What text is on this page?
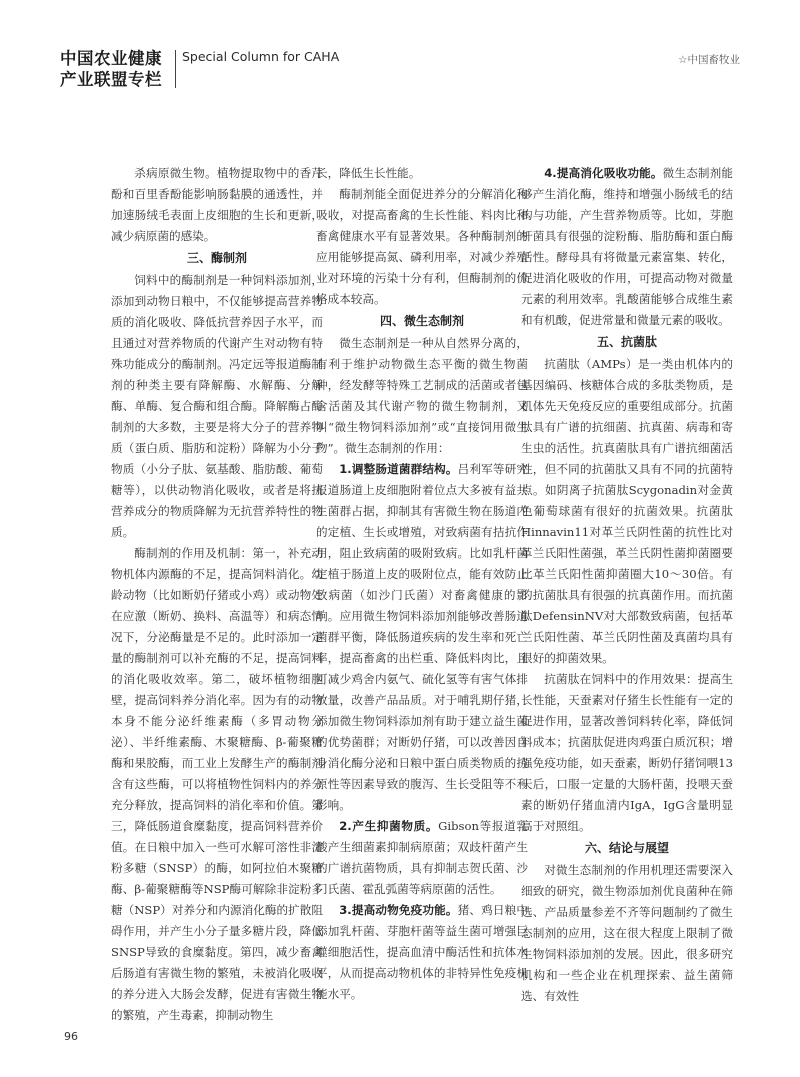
中国农业健康
产业联盟专栏
Special Column for CAHA	☆中国畜牧业

杀病原微生物。植物提取物中的香芹酚和百里香酚能影响肠黏膜的通透性，并加速肠绒毛表面上皮细胞的生长和更新，减少病原菌的感染。

三、酶制剂

饲料中的酶制剂是一种饲料添加剂，添加到动物日粮中，不仅能够提高营养物质的消化吸收、降低抗营养因子水平，而且通过对营养物质的代谢产生对动物有特殊功能成分的酶制剂。冯定远等报道酶制剂的种类主要有降解酶、水解酶、分解酶、单酶、复合酶和组合酶。降解酶占酶制剂的大多数，主要是将大分子的营养物质（蛋白质、脂肪和淀粉）降解为小分子物质（小分子肽、氨基酸、脂肪酸、葡萄糖等），以供动物消化吸收，或者是将抗营养成分的物质降解为无抗营养特性的物质。

酶制剂的作用及机制：第一，补充动物机体内源酶的不足，提高饲料消化。幼龄动物（比如断奶仔猪或小鸡）或动物处在应激（断奶、换料、高温等）和病态情况下，分泌酶量是不足的。此时添加一定量的酶制剂可以补充酶的不足，提高饲料的消化吸收效率。第二，破坏植物细胞壁，提高饲料养分消化率。因为有的动物本身不能分泌纤维素酶（多胃动物分泌）、半纤维素酶、木聚糖酶、β-葡聚糖酶和果胶酶，而工业上发酵生产的酶制剂含有这些酶，可以将植物性饲料内的养分充分释放，提高饲料的消化率和价值。第三，降低肠道食糜黏度，提高饲料营养价值。在日粮中加入一些可水解可溶性非淀粉多糖（SNSP）的酶，如阿拉伯木聚糖酶、β-葡聚糖酶等NSP酶可解除非淀粉多糖（NSP）对养分和内源消化酶的扩散阻碍作用，并产生小分子量多糖片段，降低SNSP导致的食糜黏度。第四，减少畜禽后肠道有害微生物的繁殖，未被消化吸收的养分进入大肠会发酵，促进有害微生物的繁殖，产生毒素，抑制动物生

长，降低生长性能。

酶制剂能全面促进养分的分解消化和吸收，对提高畜禽的生长性能、料肉比和畜禽健康水平有显著效果。各种酶制剂的应用能够提高氮、磷利用率，对减少养殖业对环境的污染十分有利，但酶制剂的价格成本较高。

四、微生态制剂

微生态制剂是一种从自然界分离的，有利于维护动物微生态平衡的微生物菌种，经发酵等特殊工艺制成的活菌或者包含活菌及其代谢产物的微生物制剂，又叫“微生物饲料添加剂”或“直接饲用微生物”。微生态制剂的作用：

1.调整肠道菌群结构。吕利军等研究报道肠道上皮细胞附着位点大多被有益共生菌群占据，抑制其有害微生物在肠道内的定植、生长或增殖，对致病菌有拮抗作用，阻止致病菌的吸附致病。比如乳杆菌定植于肠道上皮的吸附位点，能有效防止致病菌（如沙门氏菌）对畜禽健康的影响。应用微生物饲料添加剂能够改善肠道菌群平衡，降低肠道疾病的发生率和死亡率，提高畜禽的出栏重、降低料肉比，且可减少鸡舍内氨气、硫化氢等有害气体排放量，改善产品品质。对于哺乳期仔猪，添加微生物饲料添加剂有助于建立益生菌的优势菌群；对断奶仔猪，可以改善因自身消化酶分泌和日粮中蛋白质类物质的抗原性等因素导致的腹泻、生长受阻等不利影响。

2.产生抑菌物质。Gibson等报道乳酸产生细菌素抑制病原菌；双歧杆菌产生的广谱抗菌物质，具有抑制志贺氏菌、沙门氏菌、霍乱弧菌等病原菌的活性。

3.提高动物免疫功能。猪、鸡日粮中添加乳杆菌、芽胞杆菌等益生菌可增强巨噬细胞活性，提高血清中酶活性和抗体水平，从而提高动物机体的非特异性免疫机能水平。

4.提高消化吸收功能。微生态制剂能够产生消化酶，维持和增强小肠绒毛的结构与功能，产生营养物质等。比如，芽胞杆菌具有很强的淀粉酶、脂肪酶和蛋白酶活性。酵母具有将微量元素富集、转化，促进消化吸收的作用，可提高动物对微量元素的利用效率。乳酸菌能够合成维生素和有机酸，促进常量和微量元素的吸收。

五、抗菌肽

抗菌肽（AMPs）是一类由机体内的基因编码、核糖体合成的多肽类物质，是机体先天免疫反应的重要组成部分。抗菌肽具有广谱的抗细菌、抗真菌、病毒和寄生虫的活性。抗真菌肽具有广谱抗细菌活性，但不同的抗菌肽又具有不同的抗菌特点。如阴离子抗菌肽Scygonadin对金黄色葡萄球菌有很好的抗菌效果。抗菌肽Hinnavin11对革兰氏阴性菌的抗性比对革兰氏阳性菌强，革兰氏阴性菌抑菌圈要比革兰氏阳性菌抑菌圈大10～30倍。有的抗菌肽具有很强的抗真菌作用。而抗菌肽DefensinNV对大部数致病菌，包括革兰氏阳性菌、革兰氏阴性菌及真菌均具有很好的抑菌效果。

抗菌肽在饲料中的作用效果：提高生长性能，天蚕素对仔猪生长性能有一定的促进作用，显著改善饲料转化率，降低饲料成本；抗菌肽促进肉鸡蛋白质沉积；增强免疫功能，如天蚕素，断奶仔猪饲喂13天后，口服一定量的大肠杆菌，投喂天蚕素的断奶仔猪血清内IgA，IgG含量明显高于对照组。

六、结论与展望

对微生态制剂的作用机理还需要深入细致的研究，微生物添加剂优良菌种在筛选、产品质量参差不齐等问题制约了微生态制剂的应用，这在很大程度上限制了微生物饲料添加剂的发展。因此，很多研究机构和一些企业在机理探索、益生菌筛选、有效性

96
